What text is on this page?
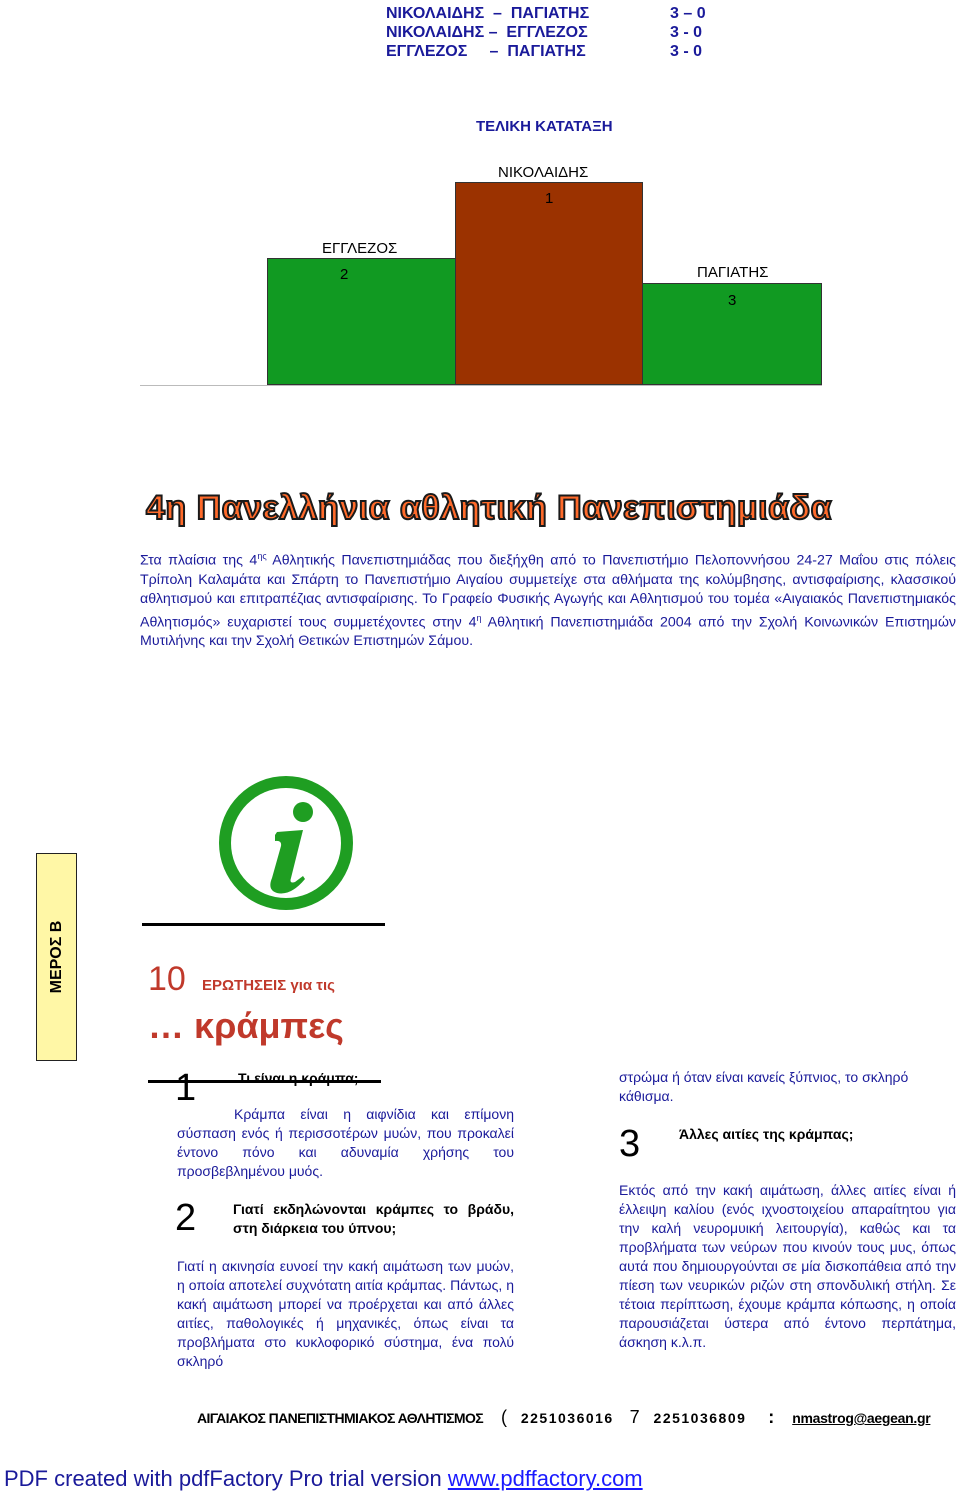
ΝΙΚΟΛΑΙΔΗΣ  –  ΠΑΓΙΑΤΗΣ	3 – 0
ΝΙΚΟΛΑΙΔΗΣ –  ΕΓΓΛΕΖΟΣ	3 - 0
ΕΓΓΛΕΖΟΣ     –  ΠΑΓΙΑΤΗΣ	3 - 0
ΤΕΛΙΚΗ ΚΑΤΑΤΑΞΗ
ΝΙΚΟΛΑΙΔΗΣ
1
ΕΓΓΛΕΖΟΣ
2	ΠΑΓΙΑΤΗΣ
3
4η Πανελλήνια αθλητική Πανεπιστημιάδα
Στα πλαίσια της $4^{\eta\varsigma}$ Αθλητικής Πανεπιστημιάδας που διεξήχθη από το Πανεπιστήμιο Πελοποννήσου 24-27 Μαΐου στις πόλεις Τρίπολη Καλαμάτα και Σπάρτη το Πανεπιστήμιο Αιγαίου συμμετείχε στα αθλήματα της κολύμβησης, αντισφαίρισης, κλασσικού αθλητισμού και επιτραπέζιας αντισφαίρισης. Το Γραφείο Φυσικής Αγωγής και Αθλητισμού του τομέα «Αιγαιακός Πανεπιστημιακός Αθλητισμός» ευχαριστεί τους συμμετέχοντες στην $4^\eta$ Αθλητική Πανεπιστημιάδα 2004 από την Σχολή Κοινωνικών Επιστημών Μυτιλήνης και την Σχολή Θετικών Επιστημών Σάμου.
ΜΕΡΟΣ Β 10 ΕΡΩΤΗΣΕΙΣ για τις
… κράμπες
1	Τι είναι η κράμπα;
Κράμπα είναι η αιφνίδια και επίμονη σύσπαση ενός ή περισσοτέρων μυών, που προκαλεί έντονο πόνο και αδυναμία χρήσης του προσβεβλημένου μυός.
2	Γιατί εκδηλώνονται κράμπες το βράδυ, στη διάρκεια του ύπνου;
Γιατί η ακινησία ευνοεί την κακή αιμάτωση των μυών, η οποία αποτελεί συχνότατη αιτία κράμπας. Πάντως, η κακή αιμάτωση μπορεί να προέρχεται και από άλλες αιτίες, παθολογικές ή μηχανικές, όπως είναι τα προβλήματα στο κυκλοφορικό σύστημα, ένα πολύ σκληρό
στρώμα ή όταν είναι κανείς ξύπνιος, το σκληρό κάθισμα.
3	Άλλες αιτίες της κράμπας;
Εκτός από την κακή αιμάτωση, άλλες αιτίες είναι ή έλλειψη καλίου (ενός ιχνοστοιχείου απαραίτητου για την καλή νευρομυική λειτουργία), καθώς και τα προβλήματα των νεύρων που κινούν τους μυς, όπως αυτά που δημιουργούνται σε μία δισκοπάθεια από την πίεση των νευρικών ριζών στη σπονδυλική στήλη. Σε τέτοια περίπτωση, έχουμε κράμπα κόπωσης, η οποία παρουσιάζεται ύστερα από έντονο περπάτημα, άσκηση κ.λ.π.
ΑΙΓΑΙΑΚΟΣ ΠΑΝΕΠΙΣΤΗΜΙΑΚΟΣ ΑΘΛΗΤΙΣΜΟΣ ( 2251036016 7 2251036809 : nmastrog@aegean.gr
PDF created with pdfFactory Pro trial version www.pdffactory.com
